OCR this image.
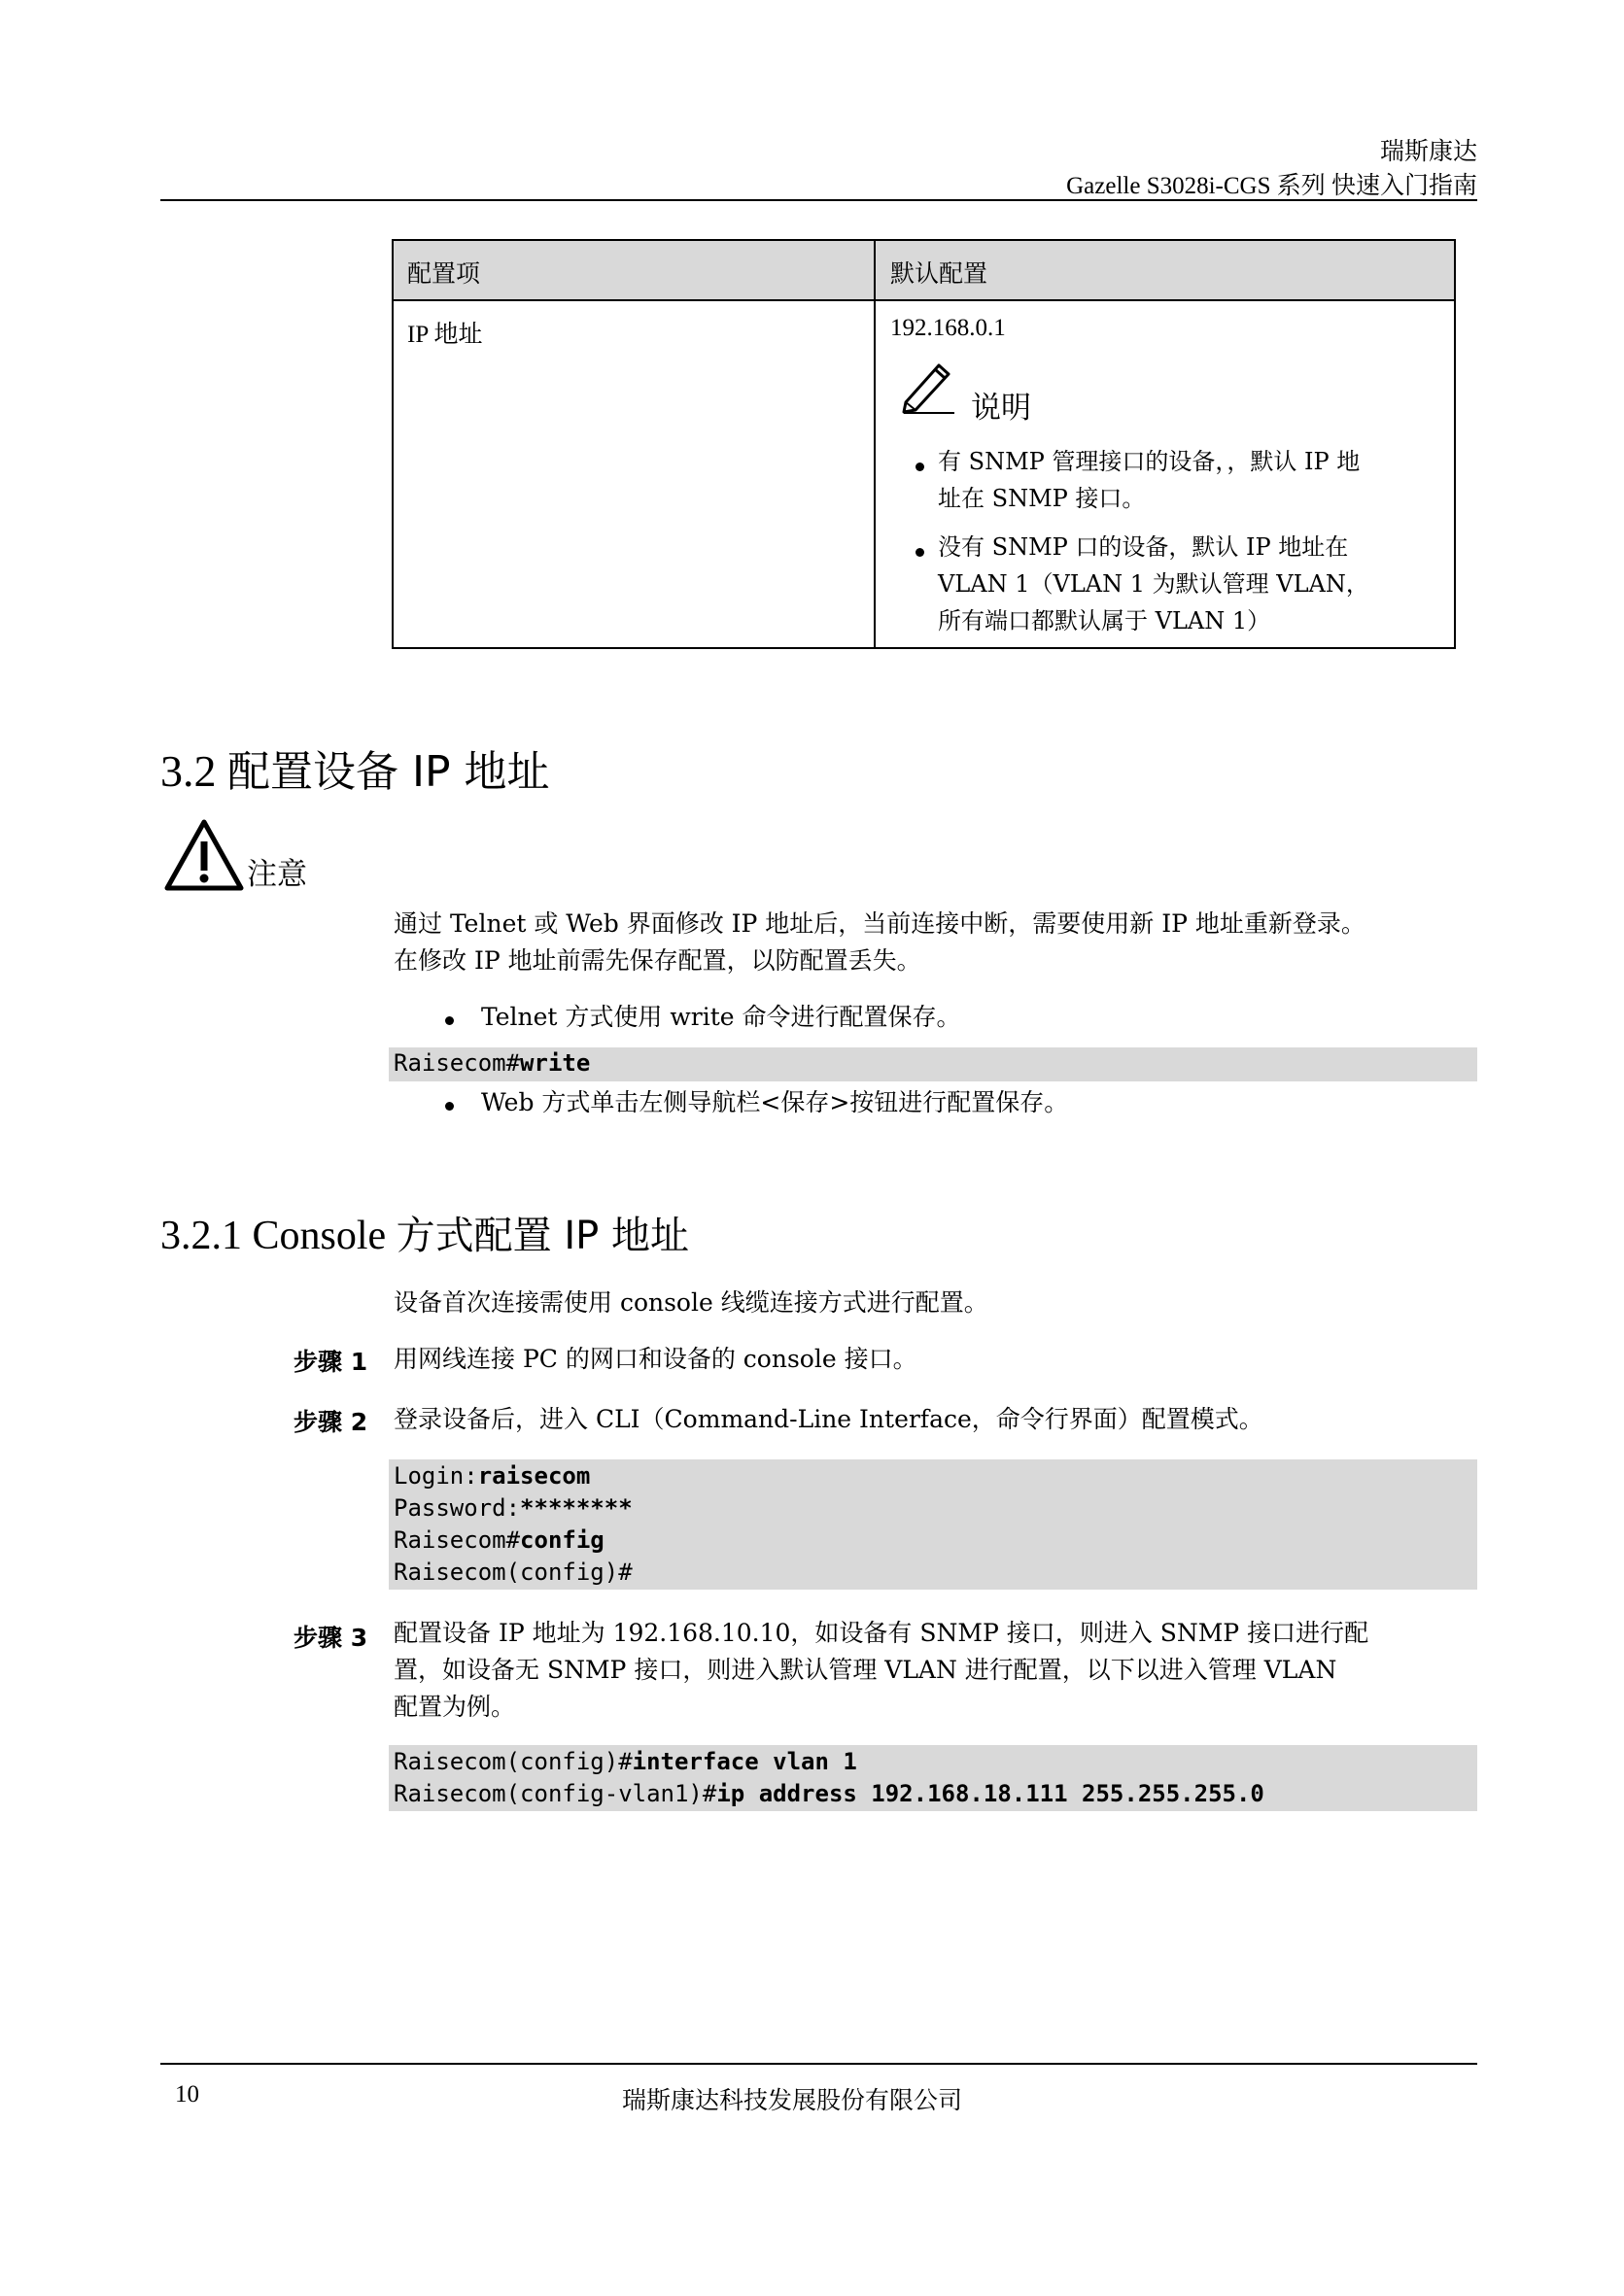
瑞斯康达
Gazelle S3028i-CGS 系列 快速入门指南
配置项	默认配置
IP 地址	192.168.0.1
说明
有 SNMP 管理接口的设备，，默认 IP 地
址在 SNMP 接口。
没有 SNMP 口的设备，默认 IP 地址在
VLAN 1（VLAN 1 为默认管理 VLAN，
所有端口都默认属于 VLAN 1）
3.2 配置设备 IP 地址
注意
通过 Telnet 或 Web 界面修改 IP 地址后，当前连接中断，需要使用新 IP 地址重新登录。
在修改 IP 地址前需先保存配置，以防配置丢失。
Telnet 方式使用 write 命令进行配置保存。
Raisecom#write
Web 方式单击左侧导航栏<保存>按钮进行配置保存。
3.2.1 Console 方式配置 IP 地址
设备首次连接需使用 console 线缆连接方式进行配置。
步骤 1 用网线连接 PC 的网口和设备的 console 接口。
步骤 2 登录设备后，进入 CLI（Command-Line Interface，命令行界面）配置模式。
Login:raisecom
Password:********
Raisecom#config
Raisecom(config)#
步骤 3 配置设备 IP 地址为 192.168.10.10，如设备有 SNMP 接口，则进入 SNMP 接口进行配
置，如设备无 SNMP 接口，则进入默认管理 VLAN 进行配置，以下以进入管理 VLAN
配置为例。
Raisecom(config)#interface vlan 1
Raisecom(config-vlan1)#ip address 192.168.18.111 255.255.255.0
10	瑞斯康达科技发展股份有限公司
